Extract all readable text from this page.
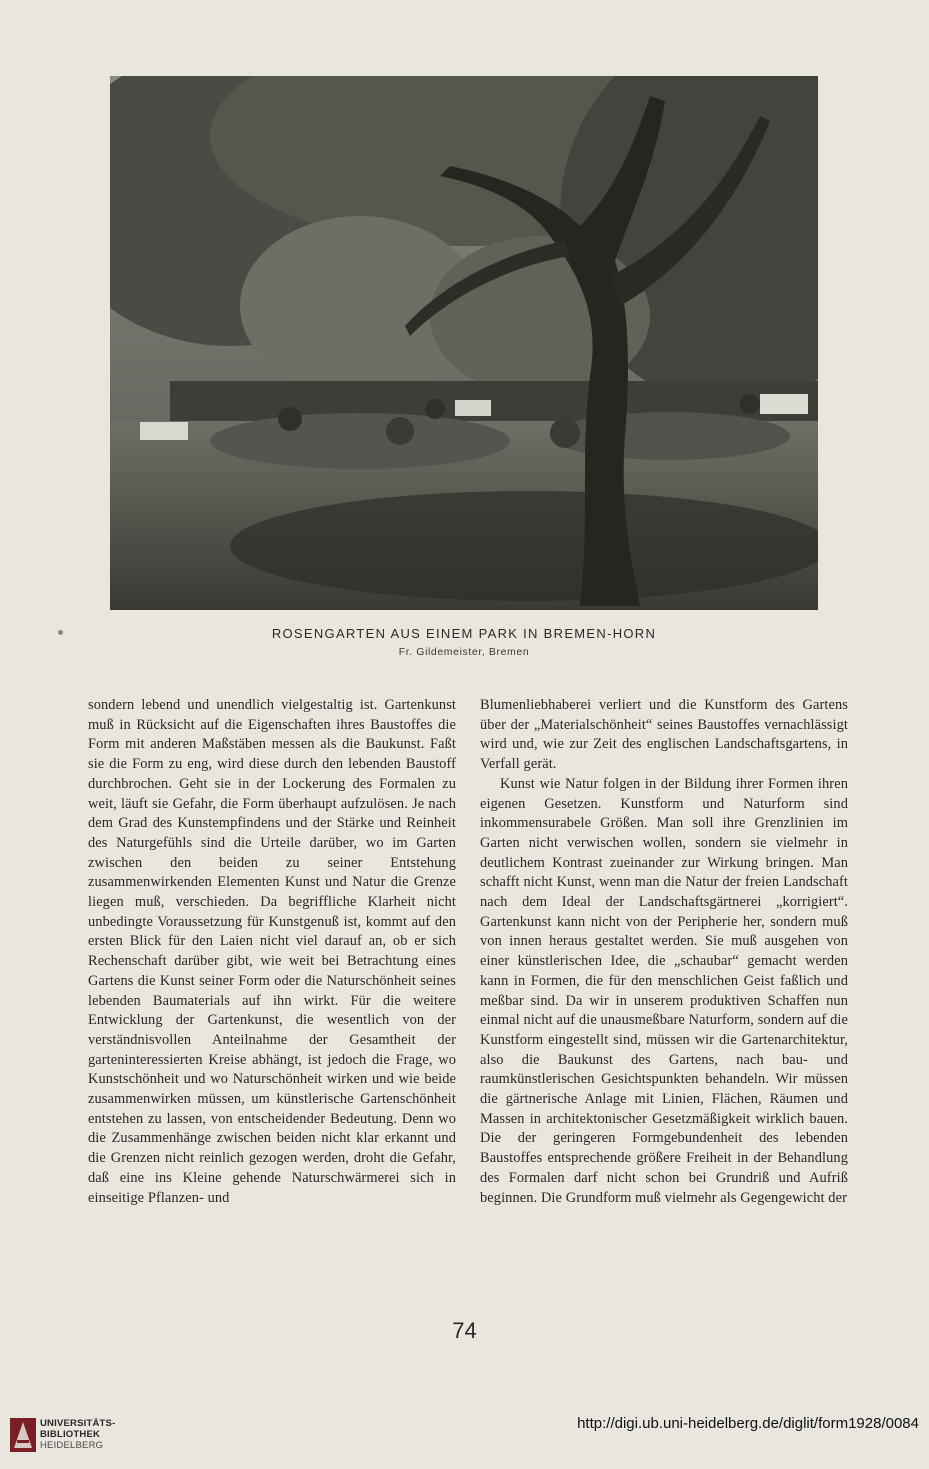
ROSENGARTEN AUS EINEM PARK IN BREMEN-HORN
Fr. Gildemeister, Bremen

sondern lebend und unendlich vielgestaltig ist. Gartenkunst muß in Rücksicht auf die Eigenschaften ihres Baustoffes die Form mit anderen Maßstäben messen als die Baukunst. Faßt sie die Form zu eng, wird diese durch den lebenden Baustoff durchbrochen. Geht sie in der Lockerung des Formalen zu weit, läuft sie Gefahr, die Form überhaupt aufzulösen. Je nach dem Grad des Kunstempfindens und der Stärke und Reinheit des Naturgefühls sind die Urteile darüber, wo im Garten zwischen den beiden zu seiner Entstehung zusammenwirkenden Elementen Kunst und Natur die Grenze liegen muß, verschieden. Da begriffliche Klarheit nicht unbedingte Voraussetzung für Kunstgenuß ist, kommt auf den ersten Blick für den Laien nicht viel darauf an, ob er sich Rechenschaft darüber gibt, wie weit bei Betrachtung eines Gartens die Kunst seiner Form oder die Naturschönheit seines lebenden Baumaterials auf ihn wirkt. Für die weitere Entwicklung der Gartenkunst, die wesentlich von der verständnisvollen Anteilnahme der Gesamtheit der garteninteressierten Kreise abhängt, ist jedoch die Frage, wo Kunstschönheit und wo Naturschönheit wirken und wie beide zusammenwirken müssen, um künstlerische Gartenschönheit entstehen zu lassen, von entscheidender Bedeutung. Denn wo die Zusammenhänge zwischen beiden nicht klar erkannt und die Grenzen nicht reinlich gezogen werden, droht die Gefahr, daß eine ins Kleine gehende Naturschwärmerei sich in einseitige Pflanzen- und

Blumenliebhaberei verliert und die Kunstform des Gartens über der „Materialschönheit“ seines Baustoffes vernachlässigt wird und, wie zur Zeit des englischen Landschaftsgartens, in Verfall gerät.

Kunst wie Natur folgen in der Bildung ihrer Formen ihren eigenen Gesetzen. Kunstform und Naturform sind inkommensurabele Größen. Man soll ihre Grenzlinien im Garten nicht verwischen wollen, sondern sie vielmehr in deutlichem Kontrast zueinander zur Wirkung bringen. Man schafft nicht Kunst, wenn man die Natur der freien Landschaft nach dem Ideal der Landschaftsgärtnerei „korrigiert“. Gartenkunst kann nicht von der Peripherie her, sondern muß von innen heraus gestaltet werden. Sie muß ausgehen von einer künstlerischen Idee, die „schaubar“ gemacht werden kann in Formen, die für den menschlichen Geist faßlich und meßbar sind. Da wir in unserem produktiven Schaffen nun einmal nicht auf die unausmeßbare Naturform, sondern auf die Kunstform eingestellt sind, müssen wir die Gartenarchitektur, also die Baukunst des Gartens, nach bau- und raumkünstlerischen Gesichtspunkten behandeln. Wir müssen die gärtnerische Anlage mit Linien, Flächen, Räumen und Massen in architektonischer Gesetzmäßigkeit wirklich bauen. Die der geringeren Formgebundenheit des lebenden Baustoffes entsprechende größere Freiheit in der Behandlung des Formalen darf nicht schon bei Grundriß und Aufriß beginnen. Die Grundform muß vielmehr als Gegengewicht der

74
UNIVERSITÄTS-
BIBLIOTHEK
HEIDELBERG
http://digi.ub.uni-heidelberg.de/diglit/form1928/0084
